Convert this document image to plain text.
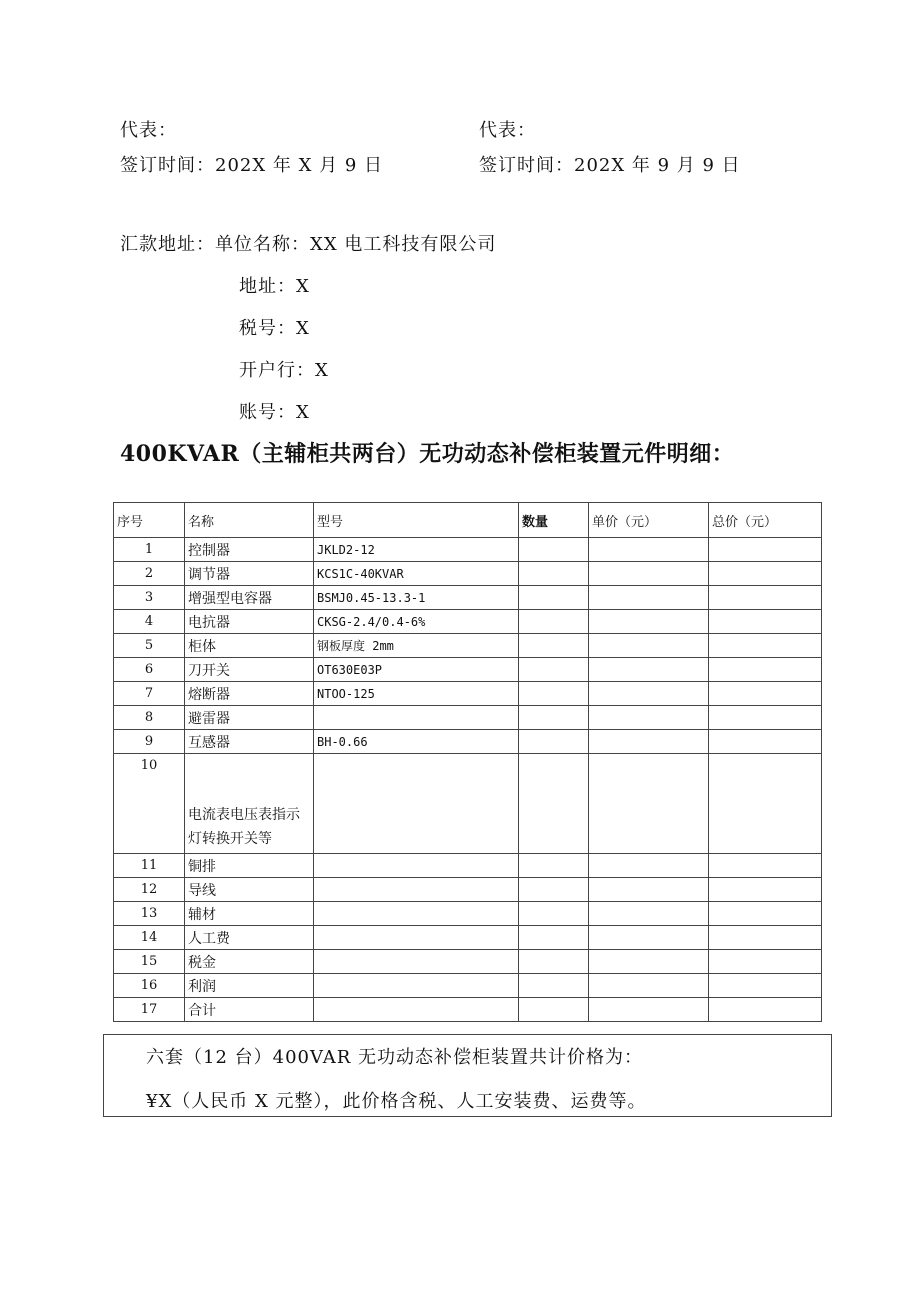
代表：	代表：
签订时间：202X 年 X 月 9 日	签订时间：202X 年 9 月 9 日
汇款地址：单位名称：XX 电工科技有限公司
地址：X
税号：X
开户行：X
账号：X
400KVAR（主辅柜共两台）无功动态补偿柜装置元件明细：
序号	名称	型号	数量	单价（元）	总价（元）
1	控制器	JKLD2-12			
2	调节器	KCS1C-40KVAR			
3	增强型电容器	BSMJ0.45-13.3-1			
4	电抗器	CKSG-2.4/0.4-6%			
5	柜体	钢板厚度 2mm			
6	刀开关	OT630E03P			
7	熔断器	NTOO-125			
8	避雷器				
9	互感器	BH-0.66			
10	电流表电压表指示灯转换开关等				
11	铜排				
12	导线				
13	辅材				
14	人工费				
15	税金				
16	利润				
17	合计				
六套（12 台）400VAR 无功动态补偿柜装置共计价格为：
¥X（人民币 X 元整），此价格含税、人工安装费、运费等。
